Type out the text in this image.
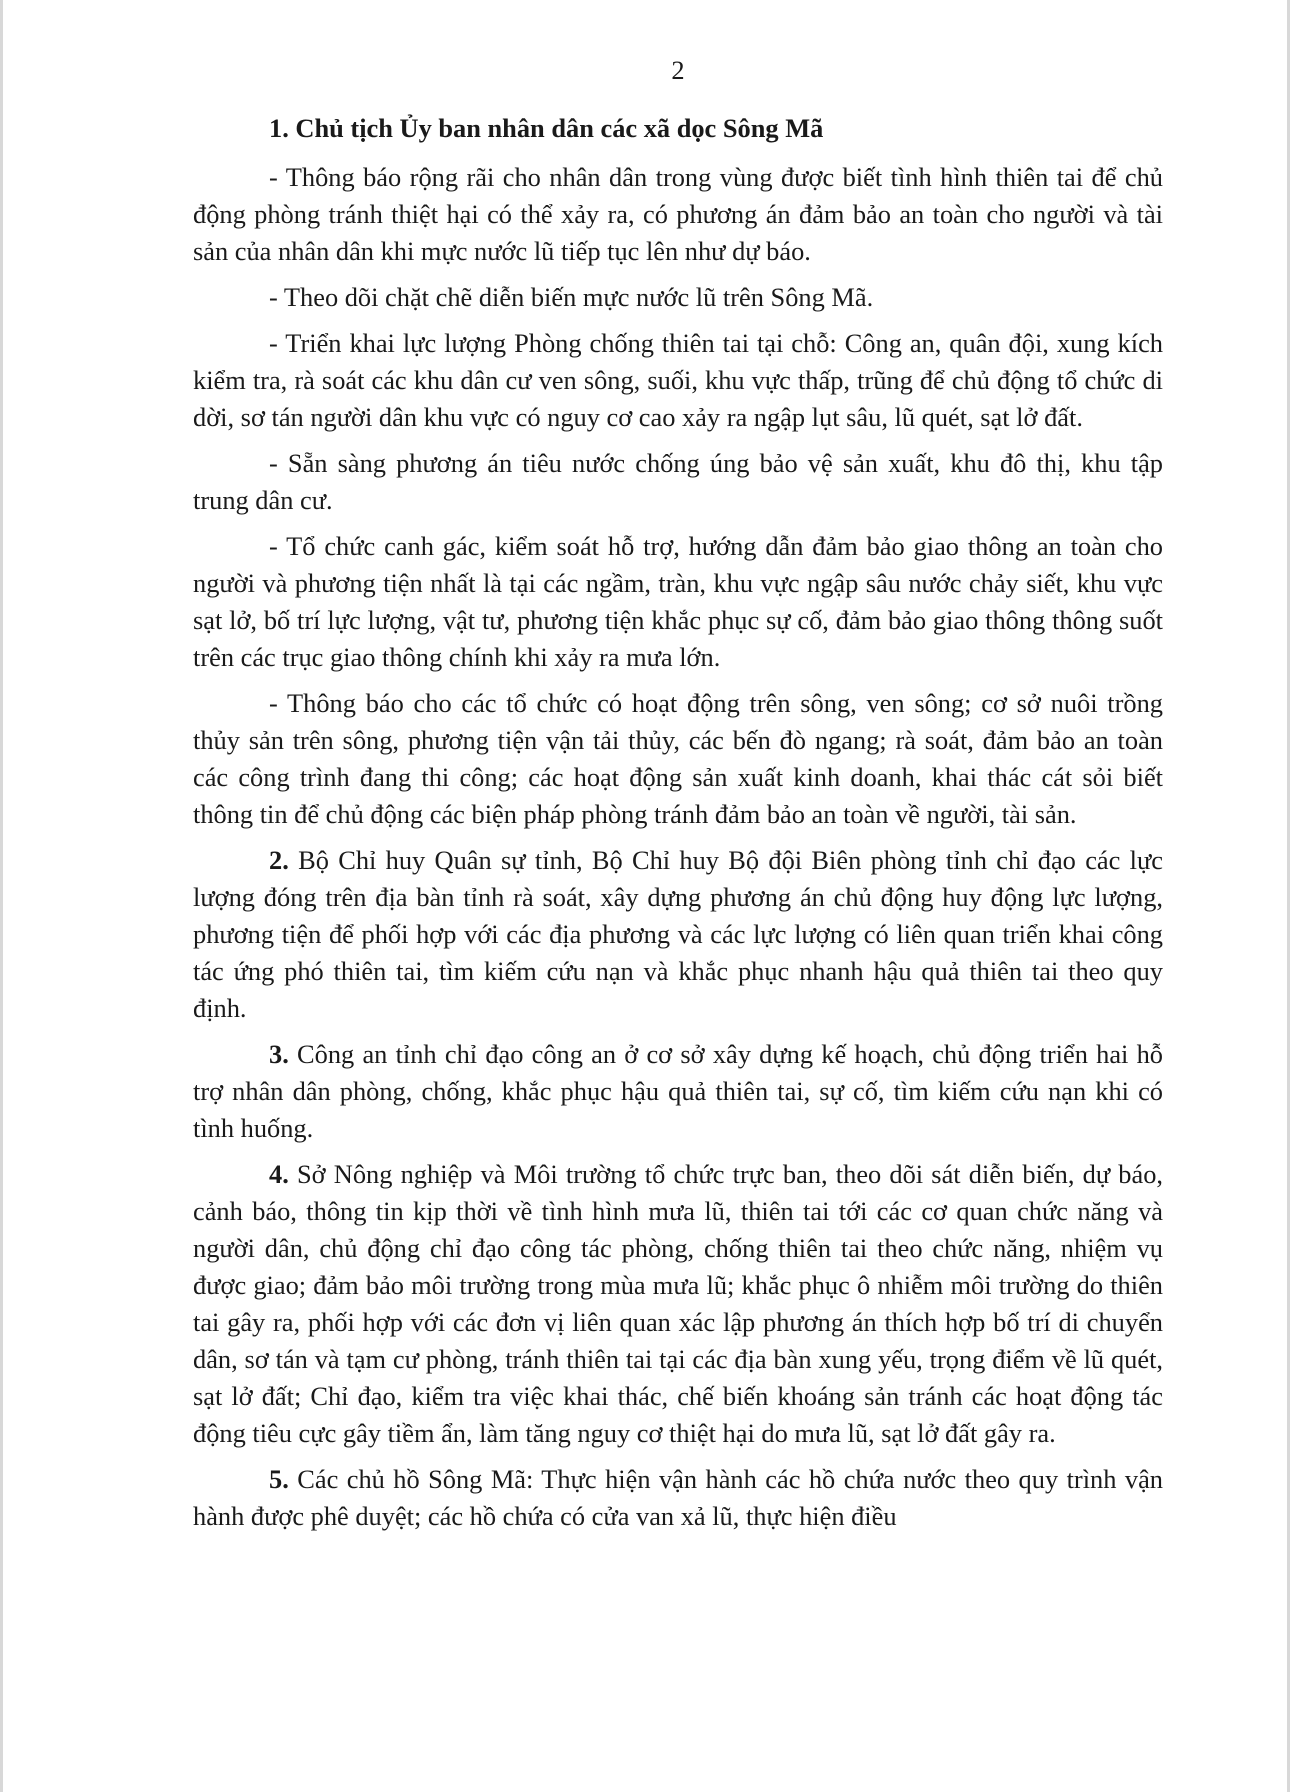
2
1. Chủ tịch Ủy ban nhân dân các xã dọc Sông Mã
- Thông báo rộng rãi cho nhân dân trong vùng được biết tình hình thiên tai để chủ động phòng tránh thiệt hại có thể xảy ra, có phương án đảm bảo an toàn cho người và tài sản của nhân dân khi mực nước lũ tiếp tục lên như dự báo.
- Theo dõi chặt chẽ diễn biến mực nước lũ trên Sông Mã.
- Triển khai lực lượng Phòng chống thiên tai tại chỗ: Công an, quân đội, xung kích kiểm tra, rà soát các khu dân cư ven sông, suối, khu vực thấp, trũng để chủ động tổ chức di dời, sơ tán người dân khu vực có nguy cơ cao xảy ra ngập lụt sâu, lũ quét, sạt lở đất.
- Sẵn sàng phương án tiêu nước chống úng bảo vệ sản xuất, khu đô thị, khu tập trung dân cư.
- Tổ chức canh gác, kiểm soát hỗ trợ, hướng dẫn đảm bảo giao thông an toàn cho người và phương tiện nhất là tại các ngầm, tràn, khu vực ngập sâu nước chảy siết, khu vực sạt lở, bố trí lực lượng, vật tư, phương tiện khắc phục sự cố, đảm bảo giao thông thông suốt trên các trục giao thông chính khi xảy ra mưa lớn.
- Thông báo cho các tổ chức có hoạt động trên sông, ven sông; cơ sở nuôi trồng thủy sản trên sông, phương tiện vận tải thủy, các bến đò ngang; rà soát, đảm bảo an toàn các công trình đang thi công; các hoạt động sản xuất kinh doanh, khai thác cát sỏi biết thông tin để chủ động các biện pháp phòng tránh đảm bảo an toàn về người, tài sản.
2. Bộ Chỉ huy Quân sự tỉnh, Bộ Chỉ huy Bộ đội Biên phòng tỉnh chỉ đạo các lực lượng đóng trên địa bàn tỉnh rà soát, xây dựng phương án chủ động huy động lực lượng, phương tiện để phối hợp với các địa phương và các lực lượng có liên quan triển khai công tác ứng phó thiên tai, tìm kiếm cứu nạn và khắc phục nhanh hậu quả thiên tai theo quy định.
3. Công an tỉnh chỉ đạo công an ở cơ sở xây dựng kế hoạch, chủ động triển hai hỗ trợ nhân dân phòng, chống, khắc phục hậu quả thiên tai, sự cố, tìm kiếm cứu nạn khi có tình huống.
4. Sở Nông nghiệp và Môi trường tổ chức trực ban, theo dõi sát diễn biến, dự báo, cảnh báo, thông tin kịp thời về tình hình mưa lũ, thiên tai tới các cơ quan chức năng và người dân, chủ động chỉ đạo công tác phòng, chống thiên tai theo chức năng, nhiệm vụ được giao; đảm bảo môi trường trong mùa mưa lũ; khắc phục ô nhiễm môi trường do thiên tai gây ra, phối hợp với các đơn vị liên quan xác lập phương án thích hợp bố trí di chuyển dân, sơ tán và tạm cư phòng, tránh thiên tai tại các địa bàn xung yếu, trọng điểm về lũ quét, sạt lở đất; Chỉ đạo, kiểm tra việc khai thác, chế biến khoáng sản tránh các hoạt động tác động tiêu cực gây tiềm ẩn, làm tăng nguy cơ thiệt hại do mưa lũ, sạt lở đất gây ra.
5. Các chủ hồ Sông Mã: Thực hiện vận hành các hồ chứa nước theo quy trình vận hành được phê duyệt; các hồ chứa có cửa van xả lũ, thực hiện điều
